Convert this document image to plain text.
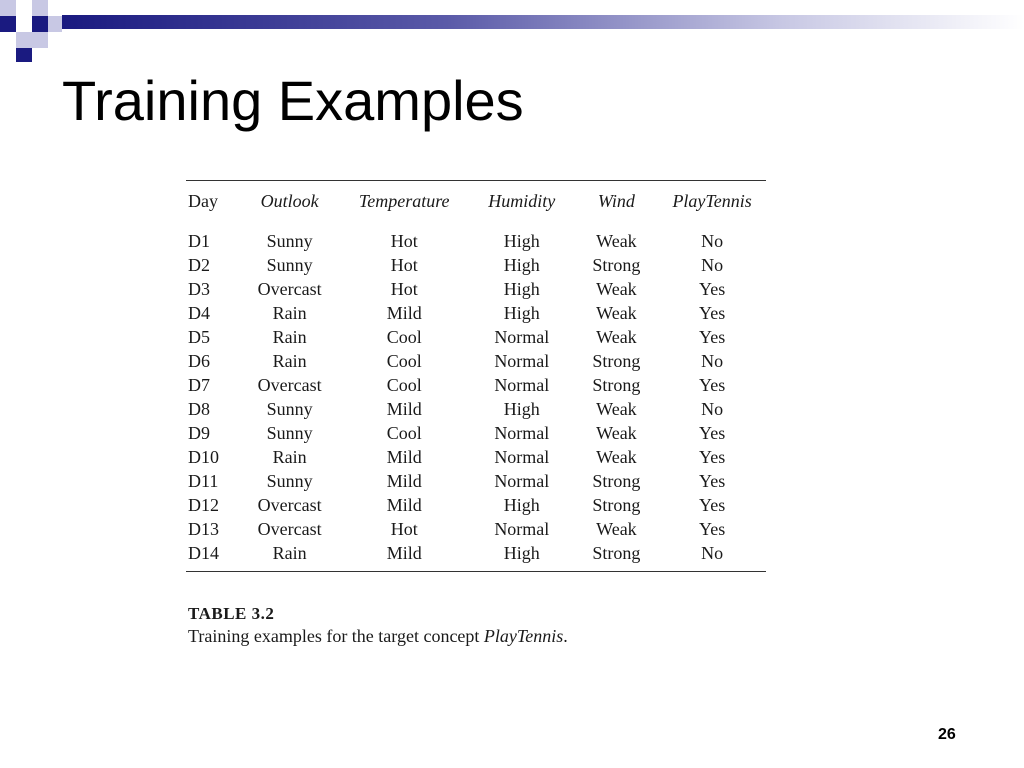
Training Examples
Day	Outlook	Temperature	Humidity	Wind	PlayTennis
D1	Sunny	Hot	High	Weak	No
D2	Sunny	Hot	High	Strong	No
D3	Overcast	Hot	High	Weak	Yes
D4	Rain	Mild	High	Weak	Yes
D5	Rain	Cool	Normal	Weak	Yes
D6	Rain	Cool	Normal	Strong	No
D7	Overcast	Cool	Normal	Strong	Yes
D8	Sunny	Mild	High	Weak	No
D9	Sunny	Cool	Normal	Weak	Yes
D10	Rain	Mild	Normal	Weak	Yes
D11	Sunny	Mild	Normal	Strong	Yes
D12	Overcast	Mild	High	Strong	Yes
D13	Overcast	Hot	Normal	Weak	Yes
D14	Rain	Mild	High	Strong	No
TABLE 3.2
Training examples for the target concept PlayTennis.
26
